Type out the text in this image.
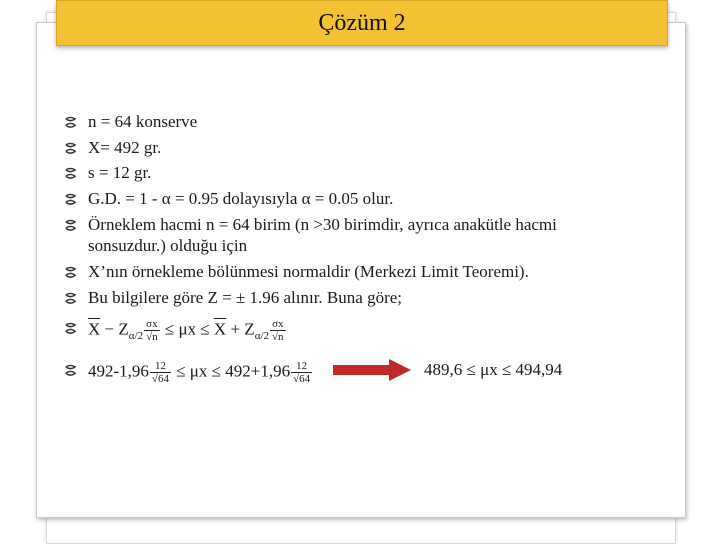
Çözüm 2
n = 64 konserve
X= 492 gr.
s = 12 gr.
G.D. = 1 - α = 0.95 dolayısıyla α = 0.05 olur.
Örneklem hacmi n = 64 birim (n >30 birimdir, ayrıca anakütle hacmi
sonsuzdur.) olduğu için
X’nın örnekleme bölünmesi normaldir (Merkezi Limit Teoremi).
Bu bilgilere göre Z = ± 1.96 alınır. Buna göre;
$\overline{X} - Z_{\alpha/2} \frac{\sigma x}{√n} \le \mu x \le \overline{X} + Z_{\alpha/2} \frac{\sigma x}{√n}$
$492-1,96 \frac{12}{√64} \le \mu x \le 492+1,96 \frac{12}{√64}$	489,6 ≤ μx ≤ 494,94
